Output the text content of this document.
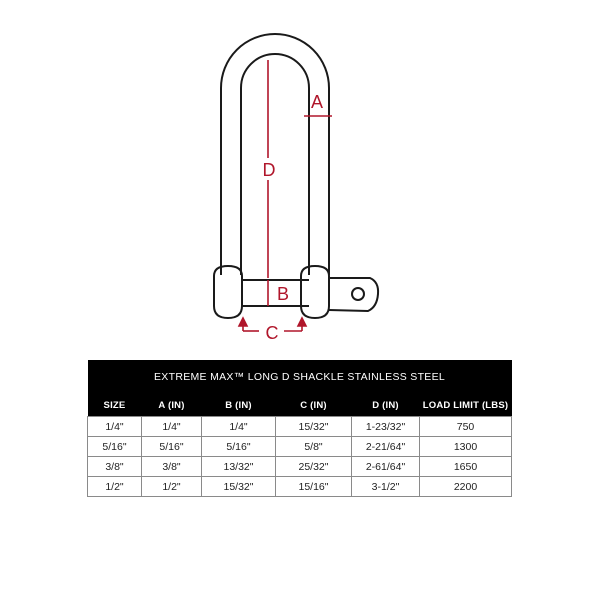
D
A
B
C
EXTREME MAX™ LONG D SHACKLE STAINLESS STEEL					
SIZE	A (IN)	B (IN)	C (IN)	D (IN)	LOAD LIMIT (LBS)
1/4"	1/4"	1/4"	15/32"	1-23/32"	750
5/16"	5/16"	5/16"	5/8"	2-21/64"	1300
3/8"	3/8"	13/32"	25/32"	2-61/64"	1650
1/2"	1/2"	15/32"	15/16"	3-1/2"	2200
